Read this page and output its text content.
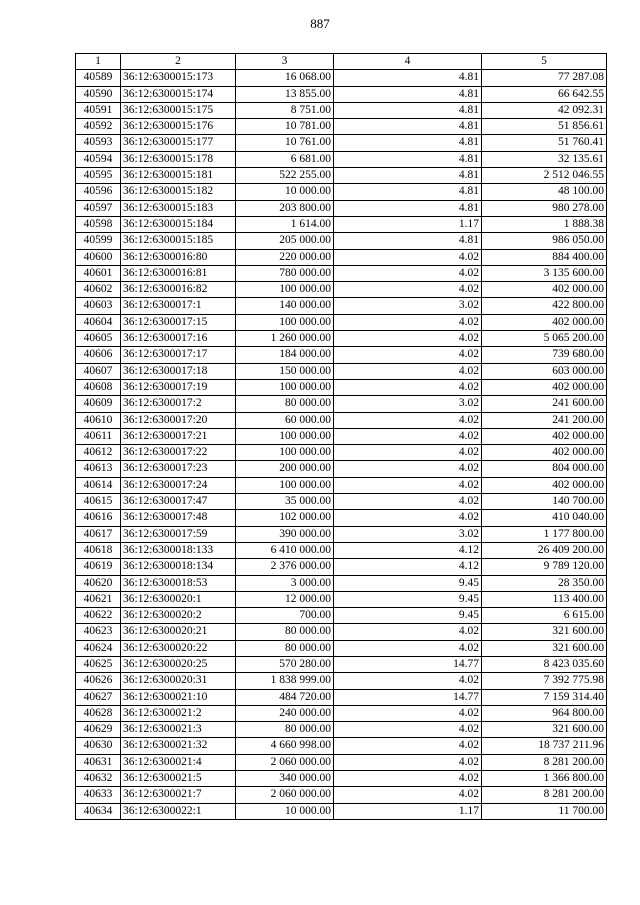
887
1	2	3	4	5
40589	36:12:6300015:173	16 068.00	4.81	77 287.08
40590	36:12:6300015:174	13 855.00	4.81	66 642.55
40591	36:12:6300015:175	8 751.00	4.81	42 092.31
40592	36:12:6300015:176	10 781.00	4.81	51 856.61
40593	36:12:6300015:177	10 761.00	4.81	51 760.41
40594	36:12:6300015:178	6 681.00	4.81	32 135.61
40595	36:12:6300015:181	522 255.00	4.81	2 512 046.55
40596	36:12:6300015:182	10 000.00	4.81	48 100.00
40597	36:12:6300015:183	203 800.00	4.81	980 278.00
40598	36:12:6300015:184	1 614.00	1.17	1 888.38
40599	36:12:6300015:185	205 000.00	4.81	986 050.00
40600	36:12:6300016:80	220 000.00	4.02	884 400.00
40601	36:12:6300016:81	780 000.00	4.02	3 135 600.00
40602	36:12:6300016:82	100 000.00	4.02	402 000.00
40603	36:12:6300017:1	140 000.00	3.02	422 800.00
40604	36:12:6300017:15	100 000.00	4.02	402 000.00
40605	36:12:6300017:16	1 260 000.00	4.02	5 065 200.00
40606	36:12:6300017:17	184 000.00	4.02	739 680.00
40607	36:12:6300017:18	150 000.00	4.02	603 000.00
40608	36:12:6300017:19	100 000.00	4.02	402 000.00
40609	36:12:6300017:2	80 000.00	3.02	241 600.00
40610	36:12:6300017:20	60 000.00	4.02	241 200.00
40611	36:12:6300017:21	100 000.00	4.02	402 000.00
40612	36:12:6300017:22	100 000.00	4.02	402 000.00
40613	36:12:6300017:23	200 000.00	4.02	804 000.00
40614	36:12:6300017:24	100 000.00	4.02	402 000.00
40615	36:12:6300017:47	35 000.00	4.02	140 700.00
40616	36:12:6300017:48	102 000.00	4.02	410 040.00
40617	36:12:6300017:59	390 000.00	3.02	1 177 800.00
40618	36:12:6300018:133	6 410 000.00	4.12	26 409 200.00
40619	36:12:6300018:134	2 376 000.00	4.12	9 789 120.00
40620	36:12:6300018:53	3 000.00	9.45	28 350.00
40621	36:12:6300020:1	12 000.00	9.45	113 400.00
40622	36:12:6300020:2	700.00	9.45	6 615.00
40623	36:12:6300020:21	80 000.00	4.02	321 600.00
40624	36:12:6300020:22	80 000.00	4.02	321 600.00
40625	36:12:6300020:25	570 280.00	14.77	8 423 035.60
40626	36:12:6300020:31	1 838 999.00	4.02	7 392 775.98
40627	36:12:6300021:10	484 720.00	14.77	7 159 314.40
40628	36:12:6300021:2	240 000.00	4.02	964 800.00
40629	36:12:6300021:3	80 000.00	4.02	321 600.00
40630	36:12:6300021:32	4 660 998.00	4.02	18 737 211.96
40631	36:12:6300021:4	2 060 000.00	4.02	8 281 200.00
40632	36:12:6300021:5	340 000.00	4.02	1 366 800.00
40633	36:12:6300021:7	2 060 000.00	4.02	8 281 200.00
40634	36:12:6300022:1	10 000.00	1.17	11 700.00
